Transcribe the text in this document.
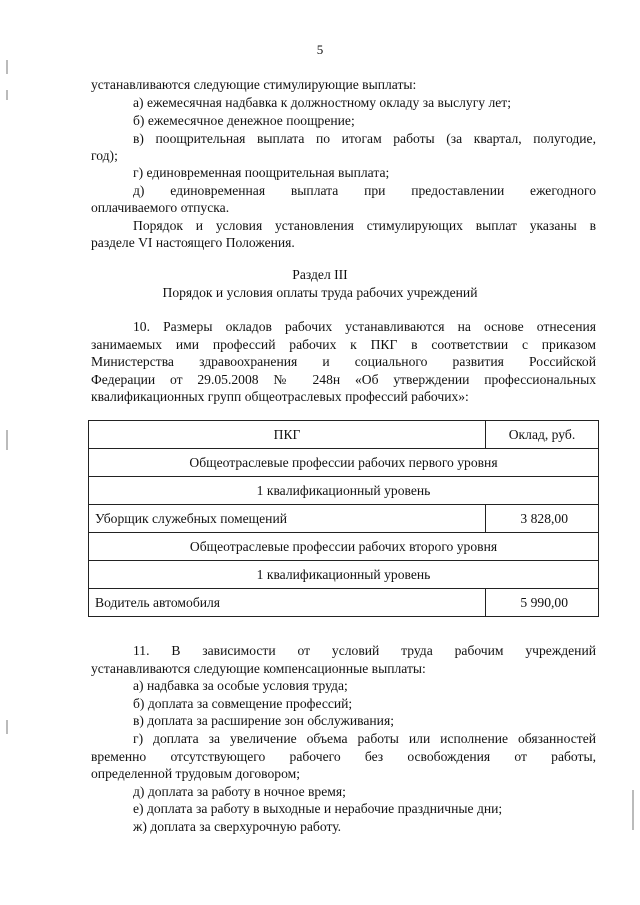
5
устанавливаются следующие стимулирующие выплаты:
а) ежемесячная надбавка к должностному окладу за выслугу лет;
б) ежемесячное денежное поощрение;
в) поощрительная выплата по итогам работы (за квартал, полугодие,
год);
г) единовременная поощрительная выплата;
д) единовременная выплата при предоставлении ежегодного
оплачиваемого отпуска.
Порядок и условия установления стимулирующих выплат указаны в
разделе VI настоящего Положения.
Раздел III
Порядок и условия оплаты труда рабочих учреждений
10. Размеры окладов рабочих устанавливаются на основе отнесения
занимаемых ими профессий рабочих к ПКГ в соответствии с приказом
Министерства здравоохранения и социального развития Российской
Федерации от 29.05.2008 № 248н «Об утверждении профессиональных
квалификационных групп общеотраслевых профессий рабочих»:
ПКГ	Оклад, руб.
Общеотраслевые профессии рабочих первого уровня	
1 квалификационный уровень	
Уборщик служебных помещений	3 828,00
Общеотраслевые профессии рабочих второго уровня	
1 квалификационный уровень	
Водитель автомобиля	5 990,00
11. В зависимости от условий труда рабочим учреждений
устанавливаются следующие компенсационные выплаты:
а) надбавка за особые условия труда;
б) доплата за совмещение профессий;
в) доплата за расширение зон обслуживания;
г) доплата за увеличение объема работы или исполнение обязанностей
временно отсутствующего рабочего без освобождения от работы,
определенной трудовым договором;
д) доплата за работу в ночное время;
е) доплата за работу в выходные и нерабочие праздничные дни;
ж) доплата за сверхурочную работу.
